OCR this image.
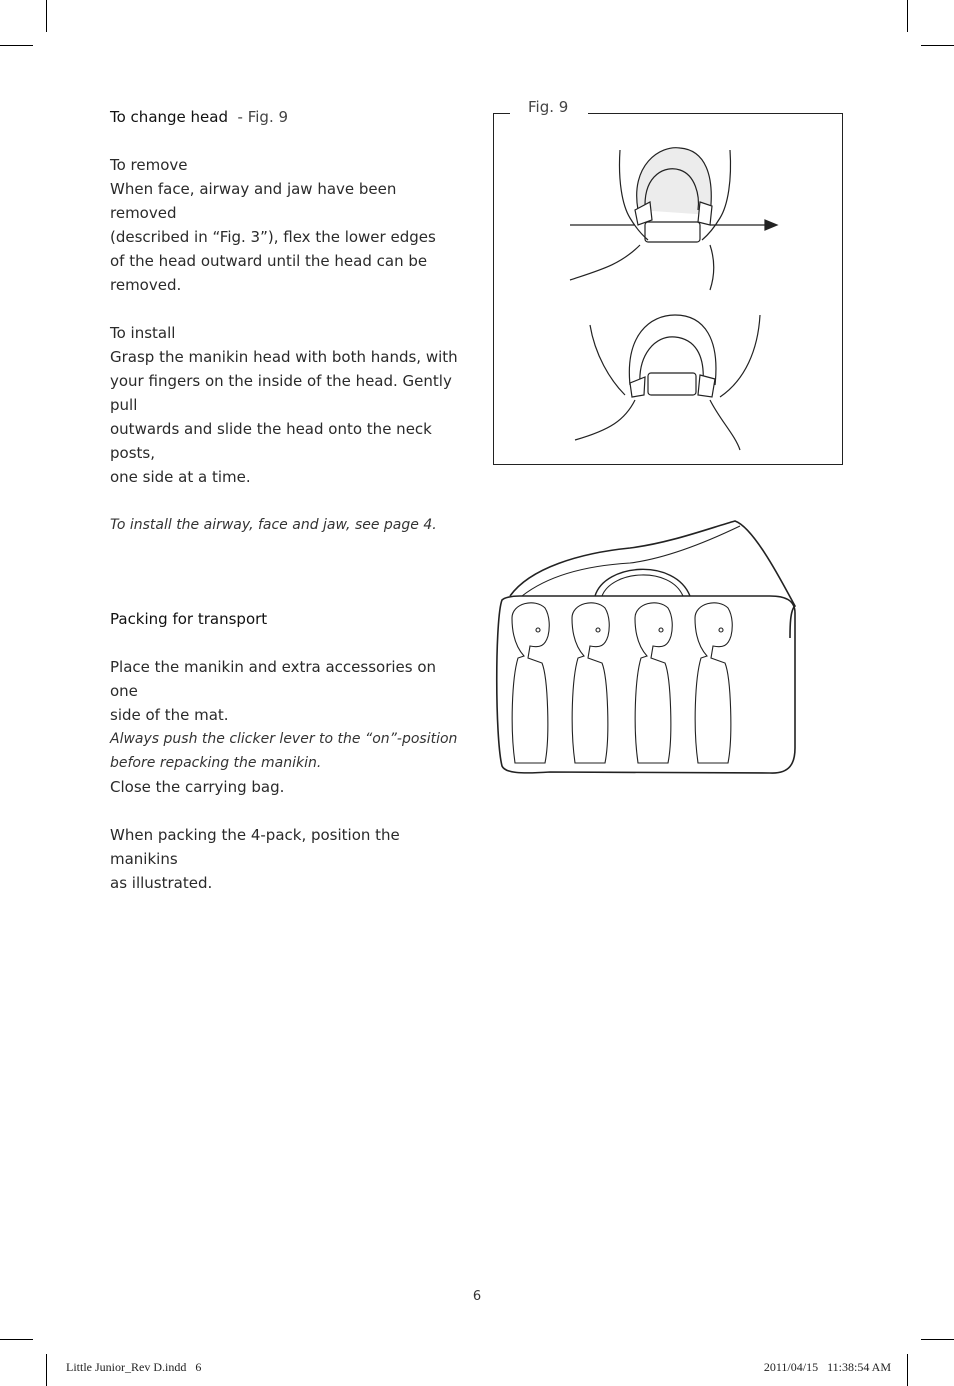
To change head - Fig. 9

To remove

When face, airway and jaw have been removed

(described in “Fig. 3”), flex the lower edges

of the head outward until the head can be

removed.

To install

Grasp the manikin head with both hands, with

your fingers on the inside of the head. Gently pull

outwards and slide the head onto the neck posts,

one side at a time.

To install the airway, face and jaw, see page 4.

Fig. 9

Packing for transport

Place the manikin and extra accessories on one

side of the mat.

Always push the clicker lever to the “on”-position

before repacking the manikin.

Close the carrying bag.

When packing the 4-pack, position the manikins

as illustrated.

6
Little Junior_Rev D.indd   6	2011/04/15   11:38:54 AM
